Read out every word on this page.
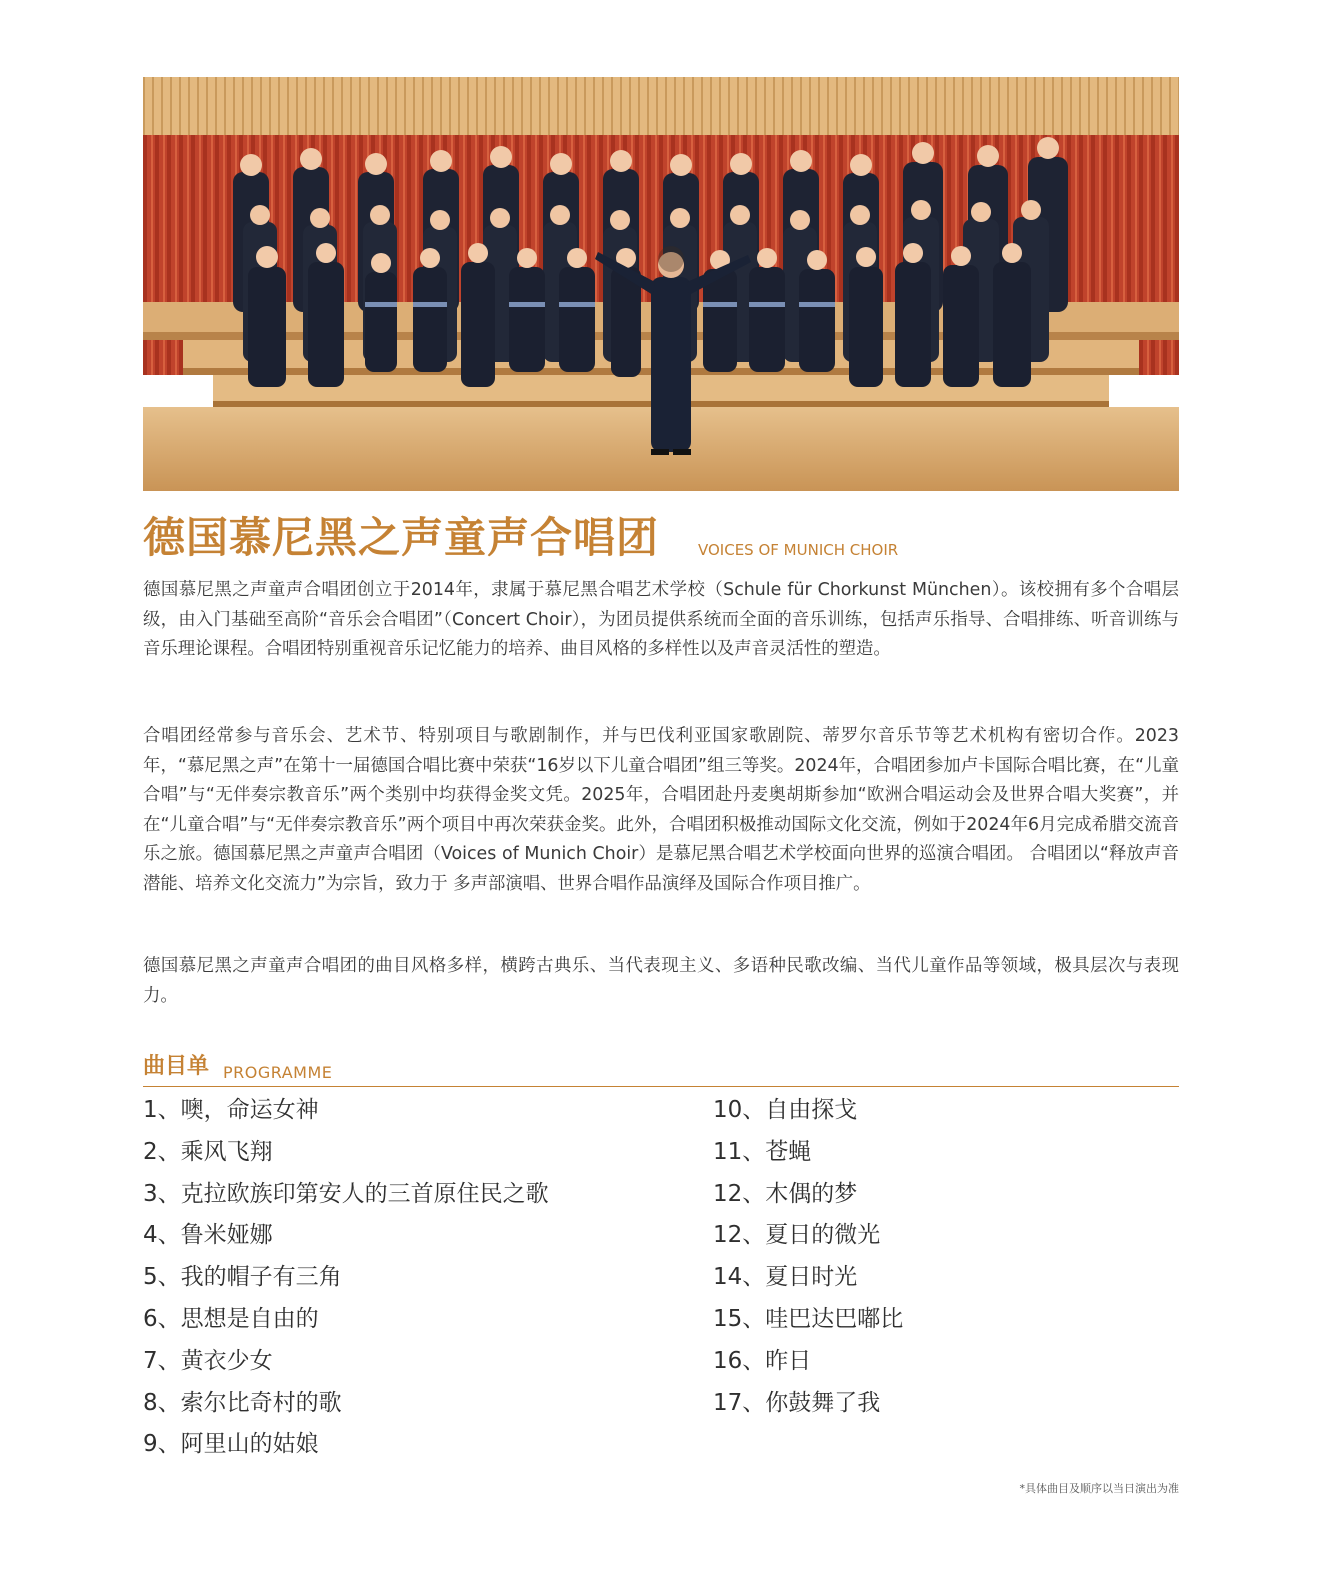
德国慕尼黑之声童声合唱团	VOICES OF MUNICH CHOIR
德国慕尼黑之声童声合唱团创立于2014年，隶属于慕尼黑合唱艺术学校（Schule für Chorkunst München）。该校拥有多个合唱层级，由入门基础至高阶“音乐会合唱团”（Concert Choir），为团员提供系统而全面的音乐训练，包括声乐指导、合唱排练、听音训练与音乐理论课程。合唱团特别重视音乐记忆能力的培养、曲目风格的多样性以及声音灵活性的塑造。
合唱团经常参与音乐会、艺术节、特别项目与歌剧制作，并与巴伐利亚国家歌剧院、蒂罗尔音乐节等艺术机构有密切合作。2023年，“慕尼黑之声”在第十一届德国合唱比赛中荣获“16岁以下儿童合唱团”组三等奖。2024年，合唱团参加卢卡国际合唱比赛，在“儿童合唱”与“无伴奏宗教音乐”两个类别中均获得金奖文凭。2025年，合唱团赴丹麦奥胡斯参加“欧洲合唱运动会及世界合唱大奖赛”，并在“儿童合唱”与“无伴奏宗教音乐”两个项目中再次荣获金奖。此外，合唱团积极推动国际文化交流，例如于2024年6月完成希腊交流音乐之旅。德国慕尼黑之声童声合唱团（Voices of Munich Choir）是慕尼黑合唱艺术学校面向世界的巡演合唱团。 合唱团以“释放声音潜能、培养文化交流力”为宗旨，致力于 多声部演唱、世界合唱作品演绎及国际合作项目推广。
德国慕尼黑之声童声合唱团的曲目风格多样，横跨古典乐、当代表现主义、多语种民歌改编、当代儿童作品等领域，极具层次与表现力。
曲目单 PROGRAMME
1、噢，命运女神
2、乘风飞翔
3、克拉欧族印第安人的三首原住民之歌
4、鲁米娅娜
5、我的帽子有三角
6、思想是自由的
7、黄衣少女
8、索尔比奇村的歌
9、阿里山的姑娘
10、自由探戈
11、苍蝇
12、木偶的梦
12、夏日的微光
14、夏日时光
15、哇巴达巴嘟比
16、昨日
17、你鼓舞了我
*具体曲目及顺序以当日演出为准
